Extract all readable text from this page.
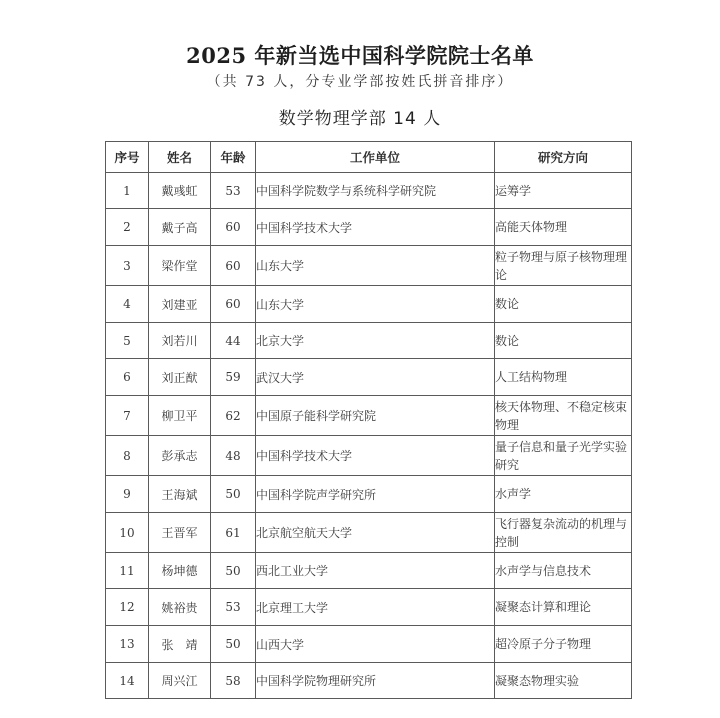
2025 年新当选中国科学院院士名单
（共 73 人，分专业学部按姓氏拼音排序）
数学物理学部 14 人
序号	姓名	年龄	工作单位	研究方向
1	戴彧虹	53	中国科学院数学与系统科学研究院	运筹学
2	戴子高	60	中国科学技术大学	高能天体物理
3	梁作堂	60	山东大学	粒子物理与原子核物理理论
4	刘建亚	60	山东大学	数论
5	刘若川	44	北京大学	数论
6	刘正猷	59	武汉大学	人工结构物理
7	柳卫平	62	中国原子能科学研究院	核天体物理、不稳定核束物理
8	彭承志	48	中国科学技术大学	量子信息和量子光学实验研究
9	王海斌	50	中国科学院声学研究所	水声学
10	王晋军	61	北京航空航天大学	飞行器复杂流动的机理与控制
11	杨坤德	50	西北工业大学	水声学与信息技术
12	姚裕贵	53	北京理工大学	凝聚态计算和理论
13	张　靖	50	山西大学	超冷原子分子物理
14	周兴江	58	中国科学院物理研究所	凝聚态物理实验
